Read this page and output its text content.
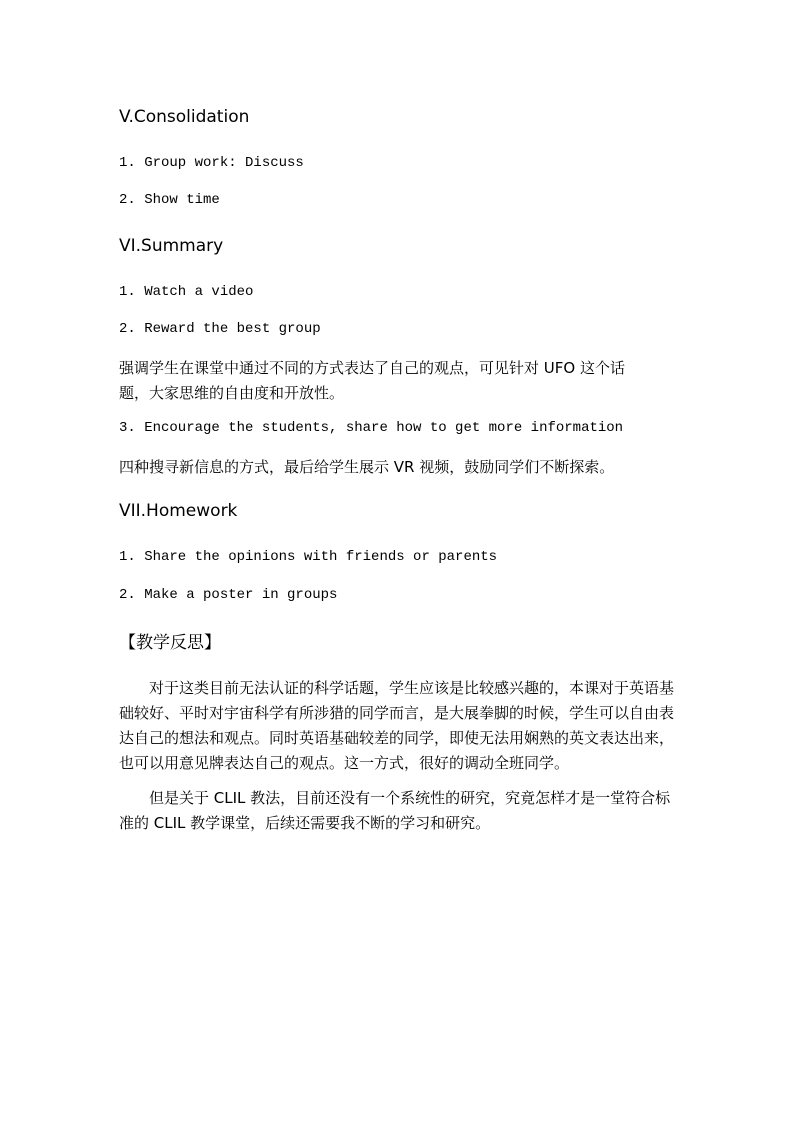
V.Consolidation
1. Group work: Discuss
2. Show time
VI.Summary
1. Watch a video
2. Reward the best group
强调学生在课堂中通过不同的方式表达了自己的观点，可见针对 UFO 这个话
题，大家思维的自由度和开放性。
3. Encourage the students, share how to get more information
四种搜寻新信息的方式，最后给学生展示 VR 视频，鼓励同学们不断探索。
VII.Homework
1. Share the opinions with friends or parents
2. Make a poster in groups
【教学反思】

对于这类目前无法认证的科学话题，学生应该是比较感兴趣的，本课对于英语基础较好、平时对宇宙科学有所涉猎的同学而言，是大展拳脚的时候，学生可以自由表达自己的想法和观点。同时英语基础较差的同学，即使无法用娴熟的英文表达出来，也可以用意见牌表达自己的观点。这一方式，很好的调动全班同学。

但是关于 CLIL 教法，目前还没有一个系统性的研究，究竟怎样才是一堂符合标准的 CLIL 教学课堂，后续还需要我不断的学习和研究。
